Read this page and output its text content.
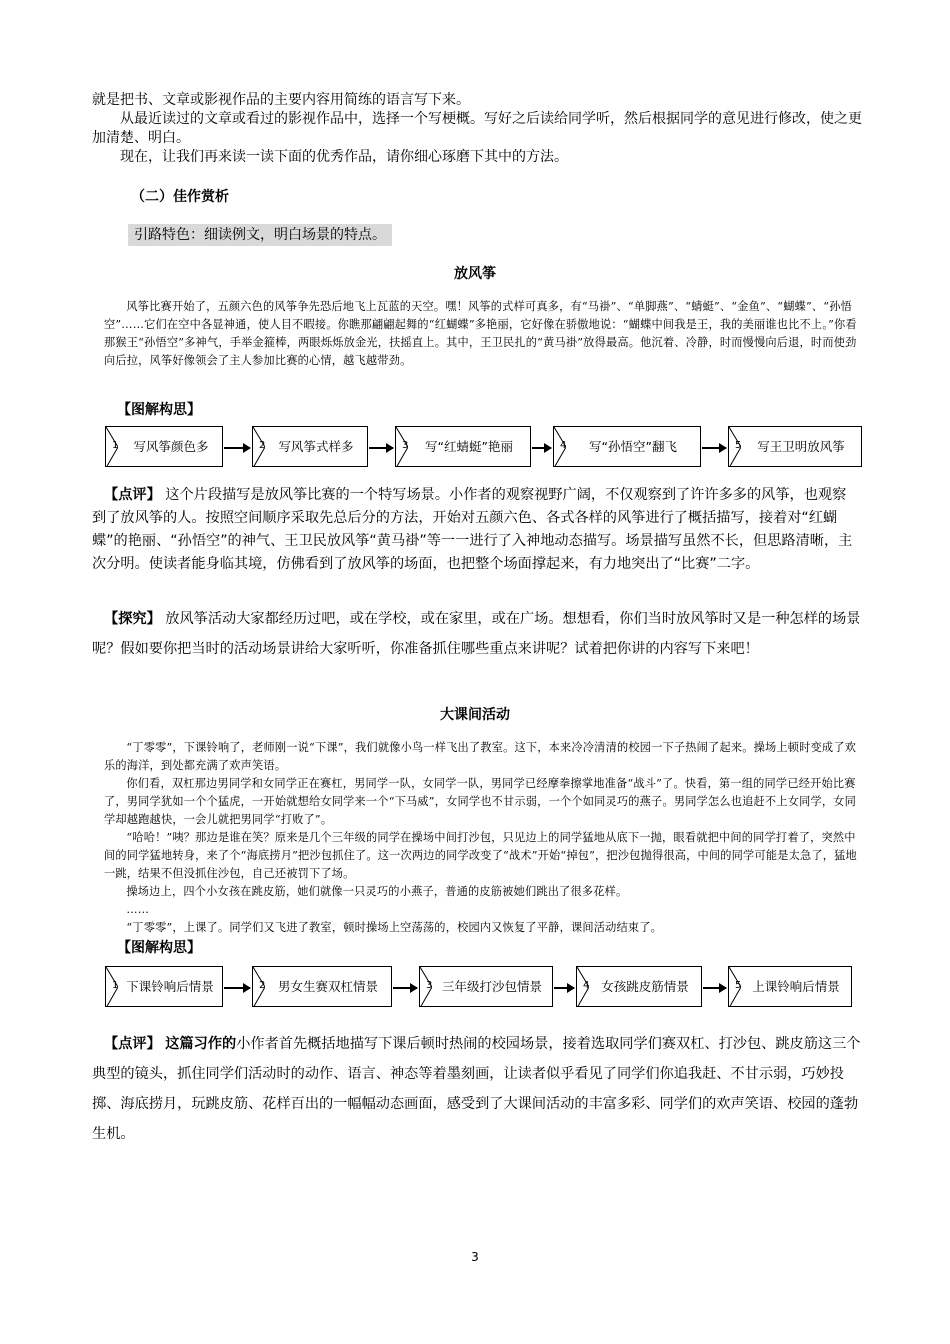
就是把书、文章或影视作品的主要内容用简练的语言写下来。
从最近读过的文章或看过的影视作品中，选择一个写梗概。写好之后读给同学听，然后根据同学的意见进行修改，使之更加清楚、明白。
现在，让我们再来读一读下面的优秀作品，请你细心琢磨下其中的方法。
（二）佳作赏析
引路特色：细读例文，明白场景的特点。
放风筝
风筝比赛开始了，五颜六色的风筝争先恐后地飞上瓦蓝的天空。嘿！风筝的式样可真多，有“马褂”、“单脚燕”、“蜻蜓”、“金鱼”、“蝴蝶”、“孙悟空”……它们在空中各显神通，使人目不暇接。你瞧那翩翩起舞的“红蝴蝶”多艳丽，它好像在骄傲地说：“蝴蝶中间我是王，我的美丽谁也比不上。”你看那猴王“孙悟空”多神气，手举金箍棒，两眼烁烁放金光，扶摇直上。其中，王卫民扎的“黄马褂”放得最高。他沉着、冷静，时而慢慢向后退，时而使劲向后拉，风筝好像领会了主人参加比赛的心情，越飞越带劲。
【图解构思】
1 写风筝颜色多	2 写风筝式样多	3 写“红蜻蜓”艳丽	4 写“孙悟空”翻飞	5 写王卫明放风筝
【点评】 这个片段描写是放风筝比赛的一个特写场景。小作者的观察视野广阔，不仅观察到了许许多多的风筝，也观察到了放风筝的人。按照空间顺序采取先总后分的方法，开始对五颜六色、各式各样的风筝进行了概括描写，接着对“红蝴蝶”的艳丽、“孙悟空”的神气、王卫民放风筝“黄马褂”等一一进行了入神地动态描写。场景描写虽然不长，但思路清晰，主次分明。使读者能身临其境，仿佛看到了放风筝的场面，也把整个场面撑起来，有力地突出了“比赛”二字。
【探究】 放风筝活动大家都经历过吧，或在学校，或在家里，或在广场。想想看，你们当时放风筝时又是一种怎样的场景呢？假如要你把当时的活动场景讲给大家听听，你准备抓住哪些重点来讲呢？试着把你讲的内容写下来吧！
大课间活动
“丁零零”，下课铃响了，老师刚一说“下课”，我们就像小鸟一样飞出了教室。这下，本来冷冷清清的校园一下子热闹了起来。操场上顿时变成了欢乐的海洋，到处都充满了欢声笑语。
你们看，双杠那边男同学和女同学正在赛杠，男同学一队，女同学一队，男同学已经摩拳擦掌地准备“战斗”了。快看，第一组的同学已经开始比赛了，男同学犹如一个个猛虎，一开始就想给女同学来一个“下马威”，女同学也不甘示弱，一个个如同灵巧的燕子。男同学怎么也追赶不上女同学，女同学却越跑越快，一会儿就把男同学“打败了”。
“哈哈！”咦？那边是谁在笑？原来是几个三年级的同学在操场中间打沙包，只见边上的同学猛地从底下一抛，眼看就把中间的同学打着了，突然中间的同学猛地转身，来了个“海底捞月”把沙包抓住了。这一次两边的同学改变了“战术”开始“掉包”，把沙包抛得很高，中间的同学可能是太急了，猛地一跳，结果不但没抓住沙包，自己还被罚下了场。
操场边上，四个小女孩在跳皮筋，她们就像一只灵巧的小燕子，普通的皮筋被她们跳出了很多花样。
……
“丁零零”，上课了。同学们又飞进了教室，顿时操场上空荡荡的，校园内又恢复了平静，课间活动结束了。
【图解构思】
1 下课铃响后情景	2 男女生赛双杠情景	3 三年级打沙包情景	4 女孩跳皮筋情景	5 上课铃响后情景
【点评】 这篇习作的小作者首先概括地描写下课后顿时热闹的校园场景，接着选取同学们赛双杠、打沙包、跳皮筋这三个典型的镜头，抓住同学们活动时的动作、语言、神态等着墨刻画，让读者似乎看见了同学们你追我赶、不甘示弱，巧妙投掷、海底捞月，玩跳皮筋、花样百出的一幅幅动态画面，感受到了大课间活动的丰富多彩、同学们的欢声笑语、校园的蓬勃生机。
3
